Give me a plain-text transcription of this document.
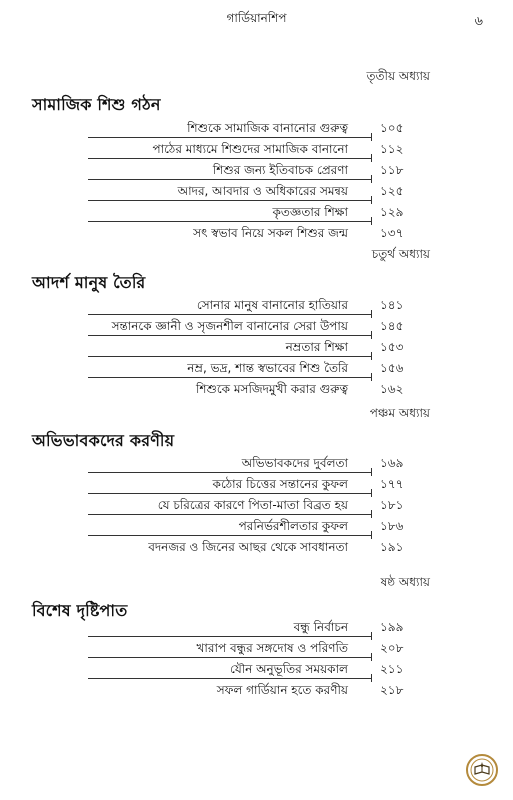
গার্ডিয়ানশিপ	৬
তৃতীয় অধ্যায়
সামাজিক শিশু গঠন
শিশুকে সামাজিক বানানোর গুরুত্ব	১০৫
পাঠের মাধ্যমে শিশুদের সামাজিক বানানো	১১২
শিশুর জন্য ইতিবাচক প্রেরণা	১১৮
আদর, আবদার ও অধিকারের সমন্বয়	১২৫
কৃতজ্ঞতার শিক্ষা	১২৯
সৎ স্বভাব নিয়ে সকল শিশুর জন্ম	১৩৭
চতুর্থ অধ্যায়
আদর্শ মানুষ তৈরি
সোনার মানুষ বানানোর হাতিয়ার	১৪১
সন্তানকে জ্ঞানী ও সৃজনশীল বানানোর সেরা উপায়	১৪৫
নম্রতার শিক্ষা	১৫৩
নম্র, ভদ্র, শান্ত স্বভাবের শিশু তৈরি	১৫৬
শিশুকে মসজিদমুখী করার গুরুত্ব	১৬২
পঞ্চম অধ্যায়
অভিভাবকদের করণীয়
অভিভাবকদের দুর্বলতা	১৬৯
কঠোর চিত্তের সন্তানের কুফল	১৭৭
যে চরিত্রের কারণে পিতা-মাতা বিব্রত হয়	১৮১
পরনির্ভরশীলতার কুফল	১৮৬
বদনজর ও জিনের আছর থেকে সাবধানতা	১৯১
ষষ্ঠ অধ্যায়
বিশেষ দৃষ্টিপাত
বন্ধু নির্বাচন	১৯৯
খারাপ বন্ধুর সঙ্গদোষ ও পরিণতি	২০৮
যৌন অনুভূতির সময়কাল	২১১
সফল গার্ডিয়ান হতে করণীয়	২১৮
